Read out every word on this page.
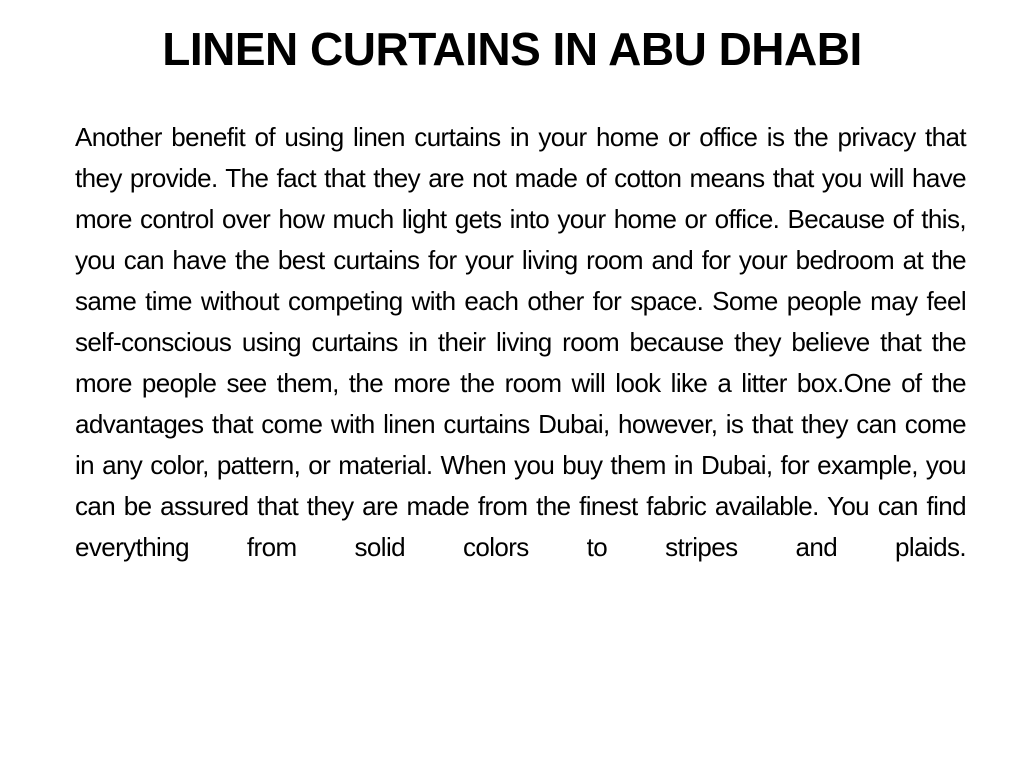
LINEN CURTAINS IN ABU DHABI

Another benefit of using linen curtains in your home or office is the privacy that they provide. The fact that they are not made of cotton means that you will have more control over how much light gets into your home or office. Because of this, you can have the best curtains for your living room and for your bedroom at the same time without competing with each other for space. Some people may feel self-conscious using curtains in their living room because they believe that the more people see them, the more the room will look like a litter box.One of the advantages that come with linen curtains Dubai, however, is that they can come in any color, pattern, or material. When you buy them in Dubai, for example, you can be assured that they are made from the finest fabric available. You can find everything from solid colors to stripes and plaids.
